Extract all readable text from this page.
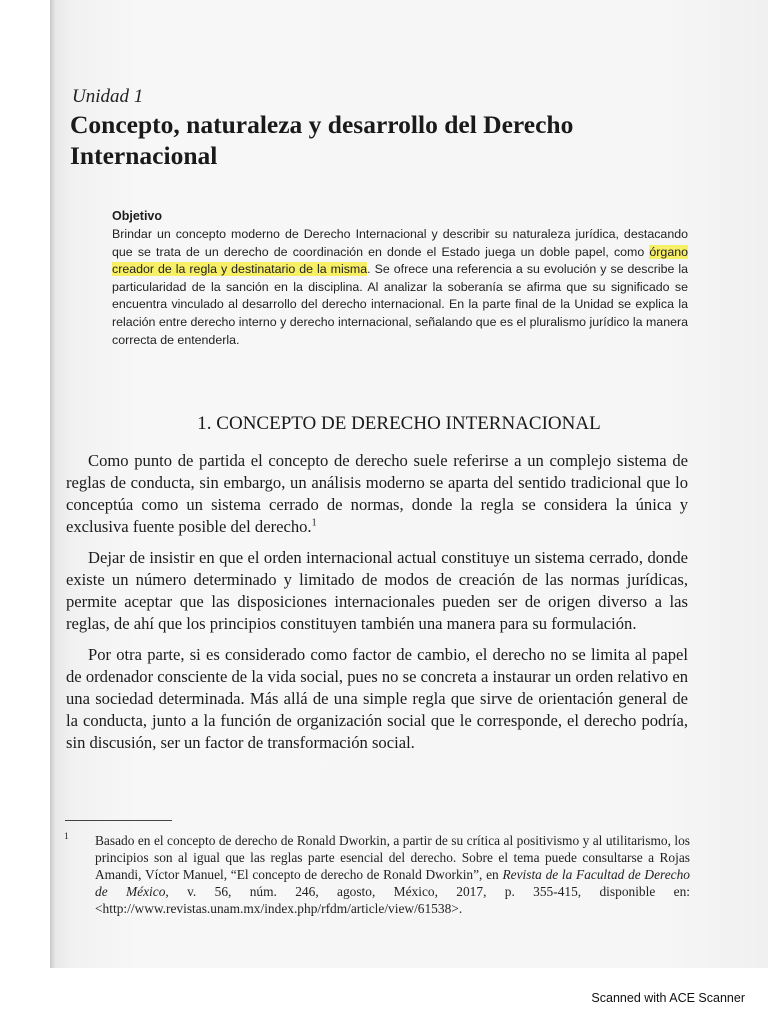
Unidad 1
Concepto, naturaleza y desarrollo del Derecho Internacional

Objetivo

Brindar un concepto moderno de Derecho Internacional y describir su naturaleza jurídica, destacando que se trata de un derecho de coordinación en donde el Estado juega un doble papel, como órgano creador de la regla y destinatario de la misma. Se ofrece una referencia a su evolución y se describe la particularidad de la sanción en la disciplina. Al analizar la soberanía se afirma que su significado se encuentra vinculado al desarrollo del derecho internacional. En la parte final de la Unidad se explica la relación entre derecho interno y derecho internacional, señalando que es el pluralismo jurídico la manera correcta de entenderla.

1. CONCEPTO DE DERECHO INTERNACIONAL

Como punto de partida el concepto de derecho suele referirse a un complejo sistema de reglas de conducta, sin embargo, un análisis moderno se aparta del sentido tradicional que lo conceptúa como un sistema cerrado de normas, donde la regla se considera la única y exclusiva fuente posible del derecho.$^1$

Dejar de insistir en que el orden internacional actual constituye un sistema cerrado, donde existe un número determinado y limitado de modos de creación de las normas jurídicas, permite aceptar que las disposiciones internacionales pueden ser de origen diverso a las reglas, de ahí que los principios constituyen también una manera para su formulación.

Por otra parte, si es considerado como factor de cambio, el derecho no se limita al papel de ordenador consciente de la vida social, pues no se concreta a instaurar un orden relativo en una sociedad determinada. Más allá de una simple regla que sirve de orientación general de la conducta, junto a la función de organización social que le corresponde, el derecho podría, sin discusión, ser un factor de transformación social.

1 Basado en el concepto de derecho de Ronald Dworkin, a partir de su crítica al positivismo y al utilitarismo, los principios son al igual que las reglas parte esencial del derecho. Sobre el tema puede consultarse a Rojas Amandi, Víctor Manuel, “El concepto de derecho de Ronald Dworkin”, en Revista de la Facultad de Derecho de México, v. 56, núm. 246, agosto, México, 2017, p. 355-415, disponible en: <http://www.revistas.unam.mx/index.php/rfdm/article/view/61538>.

Scanned with ACE Scanner
